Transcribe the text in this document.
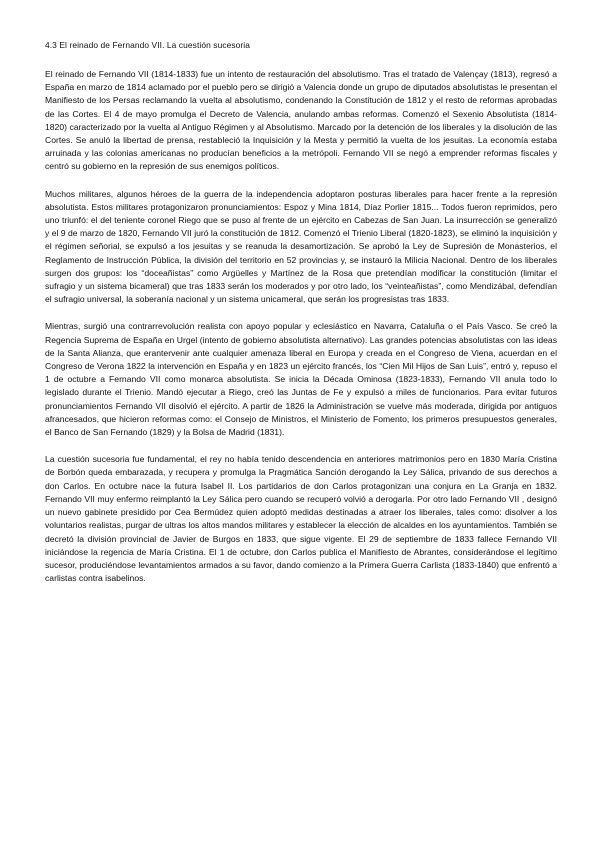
4.3 El reinado de Fernando VII. La cuestión sucesoria

El reinado de Fernando VII (1814-1833) fue un intento de restauración del absolutismo. Tras el tratado de Valençay (1813), regresó a España en marzo de 1814 aclamado por el pueblo pero se dirigió a Valencia donde un grupo de diputados absolutistas le presentan el Manifiesto de los Persas reclamando la vuelta al absolutismo, condenando la Constitución de 1812 y el resto de reformas aprobadas de las Cortes. El 4 de mayo promulga el Decreto de Valencia, anulando ambas reformas. Comenzó el Sexenio Absolutista (1814-1820) caracterizado por la vuelta al Antiguo Régimen y al Absolutismo. Marcado por la detención de los liberales y la disolución de las Cortes. Se anuló la libertad de prensa, restableció la Inquisición y la Mesta y permitió la vuelta de los jesuitas. La economía estaba arruinada y las colonias americanas no producían beneficios a la metrópoli. Fernando VII se negó a emprender reformas fiscales y centró su gobierno en la represión de sus enemigos políticos.

Muchos militares, algunos héroes de la guerra de la independencia adoptaron posturas liberales para hacer frente a la represión absolutista. Estos militares protagonizaron pronunciamientos: Espoz y Mina 1814, Díaz Porlier 1815... Todos fueron reprimidos, pero uno triunfó: el del teniente coronel Riego que se puso al frente de un ejército en Cabezas de San Juan. La insurrección se generalizó y el 9 de marzo de 1820, Fernando VII juró la constitución de 1812. Comenzó el Trienio Liberal (1820-1823), se eliminó la inquisición y el régimen señorial, se expulsó a los jesuitas y se reanuda la desamortización. Se aprobó la Ley de Supresión de Monasterios, el Reglamento de Instrucción Pública, la división del territorio en 52 provincias y, se instauró la Milicia Nacional. Dentro de los liberales surgen dos grupos: los “doceañistas” como Argüelles y Martínez de la Rosa que pretendían modificar la constitución (limitar el sufragio y un sistema bicameral) que tras 1833 serán los moderados y por otro lado, los “veinteañistas”, como Mendizábal, defendían el sufragio universal, la soberanía nacional y un sistema unicameral, que serán los progresistas tras 1833.

Mientras, surgió una contrarrevolución realista con apoyo popular y eclesiástico en Navarra, Cataluña o el País Vasco. Se creó la Regencia Suprema de España en Urgel (intento de gobierno absolutista alternativo). Las grandes potencias absolutistas con las ideas de la Santa Alianza, que erantervenir ante cualquier amenaza liberal en Europa y creada en el Congreso de Viena, acuerdan en el Congreso de Verona 1822 la intervención en España y en 1823 un ejército francés, los “Cien Mil Hijos de San Luis”, entró y, repuso el 1 de octubre a Fernando VII como monarca absolutista. Se inicia la Década Ominosa (1823-1833), Fernando VII anula todo lo legislado durante el Trienio. Mandó ejecutar a Riego, creó las Juntas de Fe y expulsó a miles de funcionarios. Para evitar futuros pronunciamientos Fernando VII disolvió el ejército. A partir de 1826 la Administración se vuelve más moderada, dirigida por antiguos afrancesados, que hicieron reformas como: el Consejo de Ministros, el Ministerio de Fomento, los primeros presupuestos generales, el Banco de San Fernando (1829) y la Bolsa de Madrid (1831).

La cuestión sucesoria fue fundamental, el rey no había tenido descendencia en anteriores matrimonios pero en 1830 María Cristina de Borbón queda embarazada, y recupera y promulga la Pragmática Sanción derogando la Ley Sálica, privando de sus derechos a don Carlos. En octubre nace la futura Isabel II. Los partidarios de don Carlos protagonizan una conjura en La Granja en 1832. Fernando VII muy enfermo reimplantó la Ley Sálica pero cuando se recuperó volvió a derogarla. Por otro lado Fernando VII , designó un nuevo gabinete presidido por Cea Bermúdez quien adoptó medidas destinadas a atraer los liberales, tales como: disolver a los voluntarios realistas, purgar de ultras los altos mandos militares y establecer la elección de alcaldes en los ayuntamientos. También se decretó la división provincial de Javier de Burgos en 1833, que sigue vigente. El 29 de septiembre de 1833 fallece Fernando VII iniciándose la regencia de María Cristina. El 1 de octubre, don Carlos publica el Manifiesto de Abrantes, considerándose el legítimo sucesor, produciéndose levantamientos armados a su favor, dando comienzo a la Primera Guerra Carlista (1833-1840) que enfrentó a carlistas contra isabelinos.
